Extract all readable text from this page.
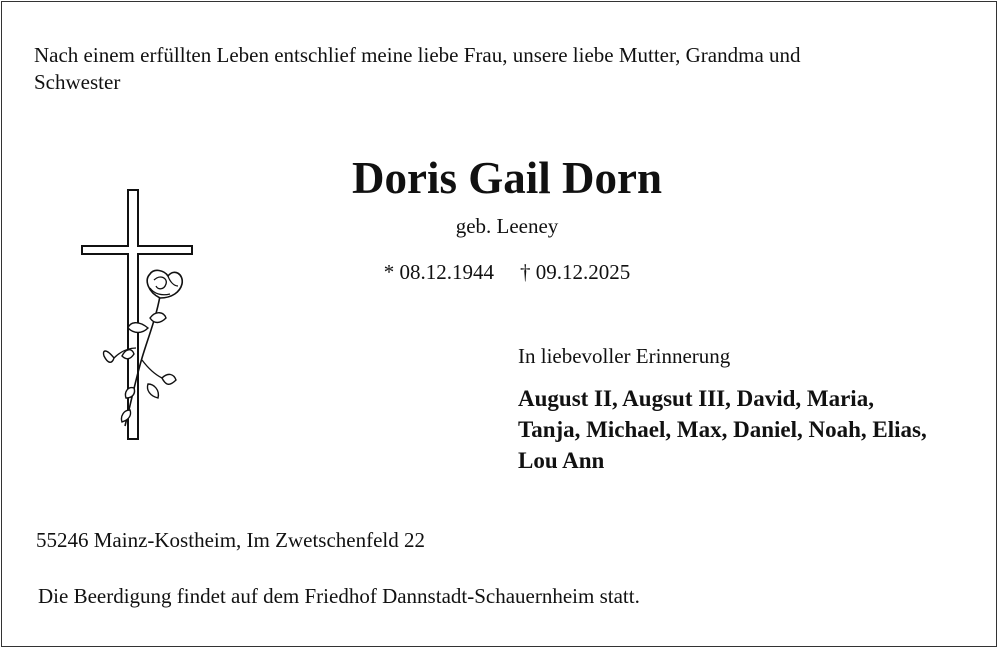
Nach einem erfüllten Leben entschlief meine liebe Frau, unsere liebe Mutter, Grandma und
Schwester

Doris Gail Dorn
geb. Leeney
* 08.12.1944 † 09.12.2025
In liebevoller Erinnerung

August II, Augsut III, David, Maria,
Tanja, Michael, Max, Daniel, Noah, Elias,
Lou Ann

55246 Mainz-Kostheim, Im Zwetschenfeld 22
Die Beerdigung findet auf dem Friedhof Dannstadt-Schauernheim statt.
